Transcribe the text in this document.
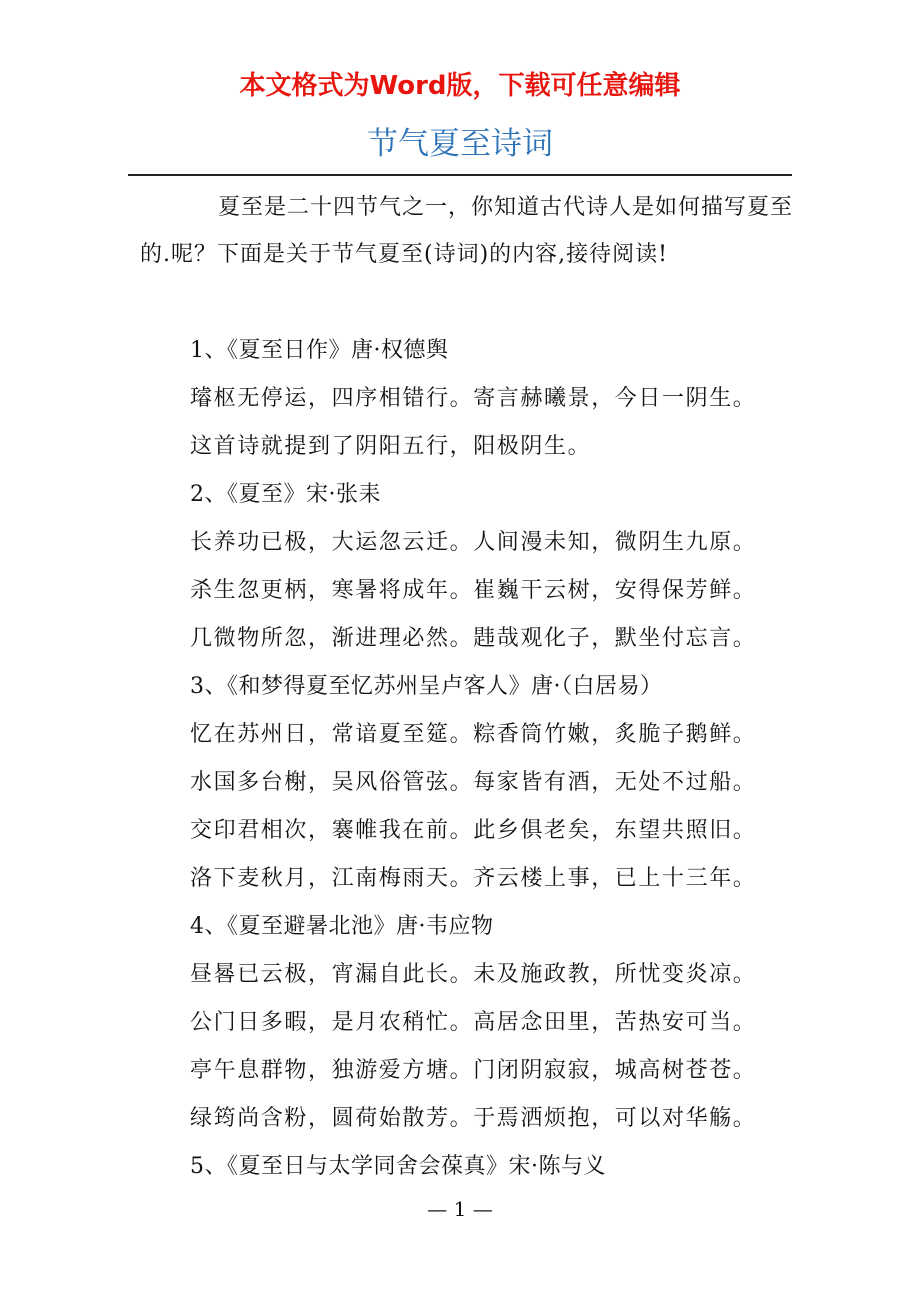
本文格式为Word版，下载可任意编辑
节气夏至诗词

夏至是二十四节气之一，你知道古代诗人是如何描写夏至的.呢？下面是关于节气夏至(诗词)的内容,接待阅读!

1、《夏至日作》唐·权德舆

璿枢无停运，四序相错行。寄言赫曦景，今日一阴生。

这首诗就提到了阴阳五行，阳极阴生。

2、《夏至》宋·张耒

长养功已极，大运忽云迁。人间漫未知，微阴生九原。

杀生忽更柄，寒暑将成年。崔巍干云树，安得保芳鲜。

几微物所忽，渐进理必然。韪哉观化子，默坐付忘言。

3、《和梦得夏至忆苏州呈卢客人》唐·（白居易）

忆在苏州日，常谙夏至筵。粽香筒竹嫩，炙脆子鹅鲜。

水国多台榭，吴风俗管弦。每家皆有酒，无处不过船。

交印君相次，褰帷我在前。此乡俱老矣，东望共照旧。

洛下麦秋月，江南梅雨天。齐云楼上事，已上十三年。

4、《夏至避暑北池》唐·韦应物

昼晷已云极，宵漏自此长。未及施政教，所忧变炎凉。

公门日多暇，是月农稍忙。高居念田里，苦热安可当。

亭午息群物，独游爱方塘。门闭阴寂寂，城高树苍苍。

绿筠尚含粉，圆荷始散芳。于焉洒烦抱，可以对华觞。

5、《夏至日与太学同舍会葆真》宋·陈与义

— 1 —
